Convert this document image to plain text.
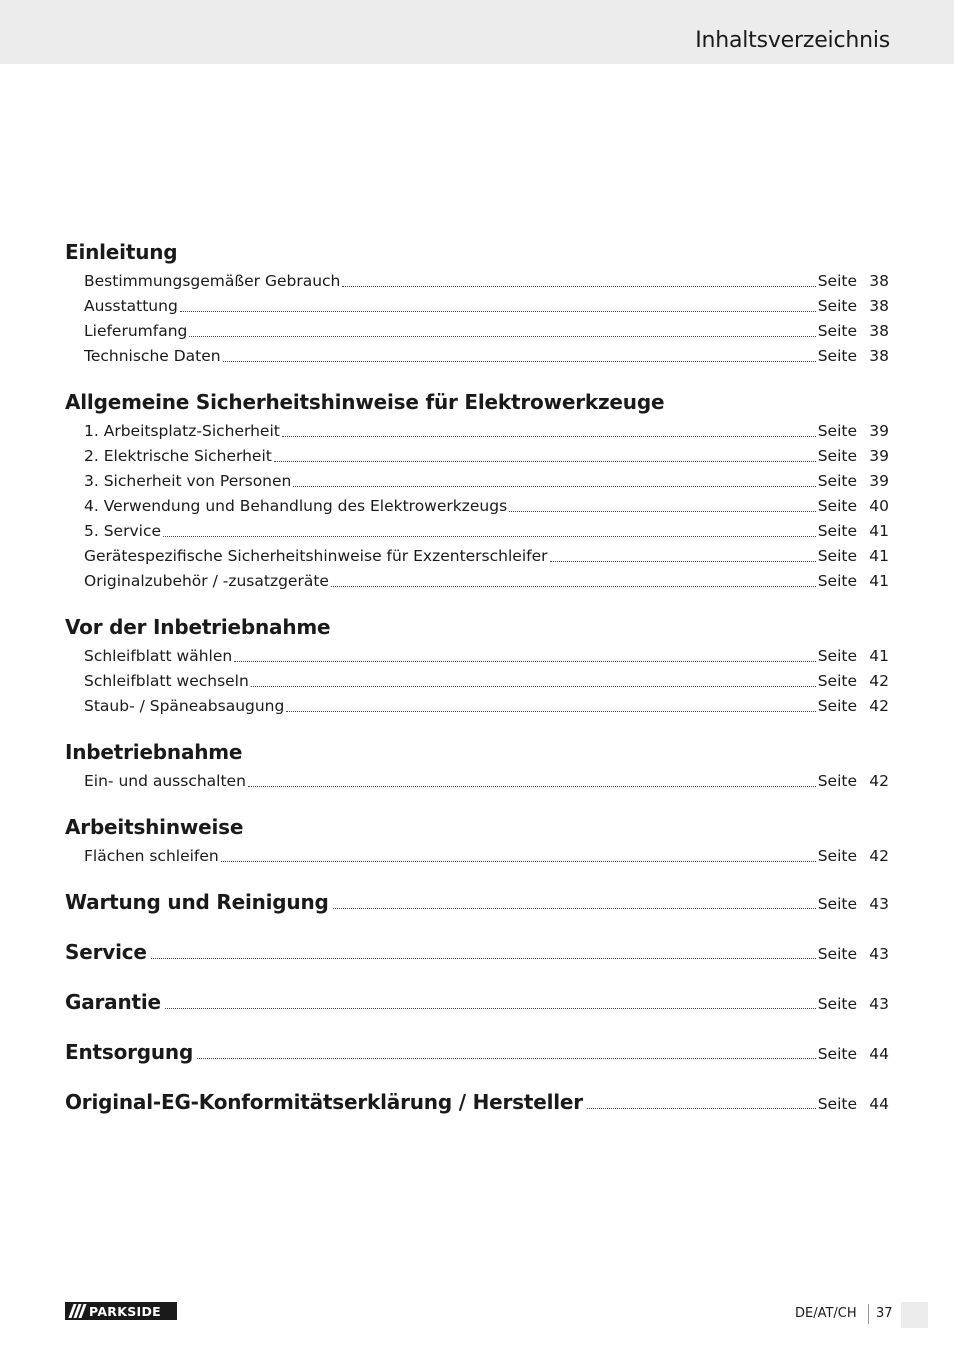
Inhaltsverzeichnis
Einleitung
Bestimmungsgemäßer Gebrauch	Seite 38
Ausstattung	Seite 38
Lieferumfang	Seite 38
Technische Daten	Seite 38
Allgemeine Sicherheitshinweise für Elektrowerkzeuge
1. Arbeitsplatz-Sicherheit	Seite 39
2. Elektrische Sicherheit	Seite 39
3. Sicherheit von Personen	Seite 39
4. Verwendung und Behandlung des Elektrowerkzeugs	Seite 40
5. Service	Seite 41
Gerätespezifische Sicherheitshinweise für Exzenterschleifer	Seite 41
Originalzubehör / -zusatzgeräte	Seite 41
Vor der Inbetriebnahme
Schleifblatt wählen	Seite 41
Schleifblatt wechseln	Seite 42
Staub- / Späneabsaugung	Seite 42
Inbetriebnahme
Ein- und ausschalten	Seite 42
Arbeitshinweise
Flächen schleifen	Seite 42
Wartung und Reinigung	Seite 43
Service	Seite 43
Garantie	Seite 43
Entsorgung	Seite 44
Original-EG-Konformitätserklärung / Hersteller	Seite 44
PARKSIDE	DE/AT/CH 37
